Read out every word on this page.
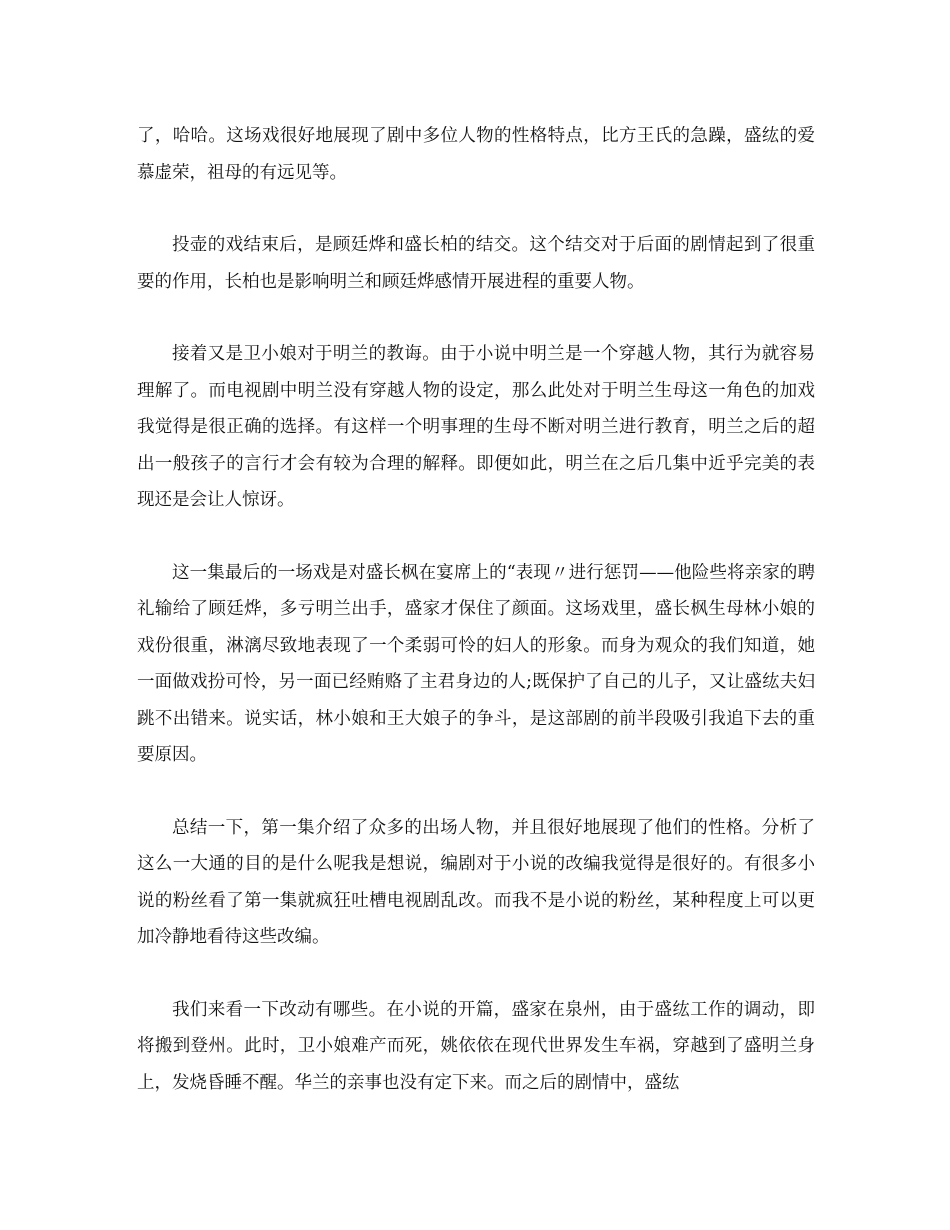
了，哈哈。这场戏很好地展现了剧中多位人物的性格特点，比方王氏的急躁，盛纮的爱慕虚荣，祖母的有远见等。

投壶的戏结束后，是顾廷烨和盛长柏的结交。这个结交对于后面的剧情起到了很重要的作用，长柏也是影响明兰和顾廷烨感情开展进程的重要人物。

接着又是卫小娘对于明兰的教诲。由于小说中明兰是一个穿越人物，其行为就容易理解了。而电视剧中明兰没有穿越人物的设定，那么此处对于明兰生母这一角色的加戏我觉得是很正确的选择。有这样一个明事理的生母不断对明兰进行教育，明兰之后的超出一般孩子的言行才会有较为合理的解释。即便如此，明兰在之后几集中近乎完美的表现还是会让人惊讶。

这一集最后的一场戏是对盛长枫在宴席上的“表现〃进行惩罚——他险些将亲家的聘礼输给了顾廷烨，多亏明兰出手，盛家才保住了颜面。这场戏里，盛长枫生母林小娘的戏份很重，淋漓尽致地表现了一个柔弱可怜的妇人的形象。而身为观众的我们知道，她一面做戏扮可怜，另一面已经贿赂了主君身边的人;既保护了自己的儿子，又让盛纮夫妇跳不出错来。说实话，林小娘和王大娘子的争斗，是这部剧的前半段吸引我追下去的重要原因。

总结一下，第一集介绍了众多的出场人物，并且很好地展现了他们的性格。分析了这么一大通的目的是什么呢我是想说，编剧对于小说的改编我觉得是很好的。有很多小说的粉丝看了第一集就疯狂吐槽电视剧乱改。而我不是小说的粉丝，某种程度上可以更加冷静地看待这些改编。

我们来看一下改动有哪些。在小说的开篇，盛家在泉州，由于盛纮工作的调动，即将搬到登州。此时，卫小娘难产而死，姚依依在现代世界发生车祸，穿越到了盛明兰身上，发烧昏睡不醒。华兰的亲事也没有定下来。而之后的剧情中，盛纮
